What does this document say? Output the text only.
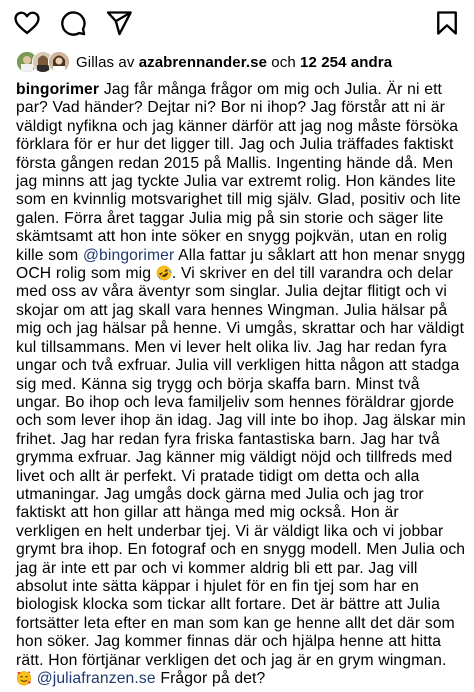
Gillas av azabrennander.se och 12 254 andra

bingorimer Jag får många frågor om mig och Julia. Är ni ett par? Vad händer? Dejtar ni? Bor ni ihop? Jag förstår att ni är väldigt nyfikna och jag känner därför att jag nog måste försöka förklara för er hur det ligger till. Jag och Julia träffades faktiskt första gången redan 2015 på Mallis. Ingenting hände då. Men jag minns att jag tyckte Julia var extremt rolig. Hon kändes lite som en kvinnlig motsvarighet till mig själv. Glad, positiv och lite galen. Förra året taggar Julia mig på sin storie och säger lite skämtsamt att hon inte söker en snygg pojkvän, utan en rolig kille som @bingorimer Alla fattar ju såklart att hon menar snygg OCH rolig som mig . Vi skriver en del till varandra och delar med oss av våra äventyr som singlar. Julia dejtar flitigt och vi skojar om att jag skall vara hennes Wingman. Julia hälsar på mig och jag hälsar på henne. Vi umgås, skrattar och har väldigt kul tillsammans. Men vi lever helt olika liv. Jag har redan fyra ungar och två exfruar. Julia vill verkligen hitta någon att stadga sig med. Känna sig trygg och börja skaffa barn. Minst två ungar. Bo ihop och leva familjeliv som hennes föräldrar gjorde och som lever ihop än idag. Jag vill inte bo ihop. Jag älskar min frihet. Jag har redan fyra friska fantastiska barn. Jag har två grymma exfruar. Jag känner mig väldigt nöjd och tillfreds med livet och allt är perfekt. Vi pratade tidigt om detta och alla utmaningar. Jag umgås dock gärna med Julia och jag tror faktiskt att hon gillar att hänga med mig också. Hon är verkligen en helt underbar tjej. Vi är väldigt lika och vi jobbar grymt bra ihop. En fotograf och en snygg modell. Men Julia och jag är inte ett par och vi kommer aldrig bli ett par. Jag vill absolut inte sätta käppar i hjulet för en fin tjej som har en biologisk klocka som tickar allt fortare. Det är bättre att Julia fortsätter leta efter en man som kan ge henne allt det där som hon söker. Jag kommer finnas där och hjälpa henne att hitta rätt. Hon förtjänar verkligen det och jag är en grym wingman.  @juliafranzen.se Frågor på det?
